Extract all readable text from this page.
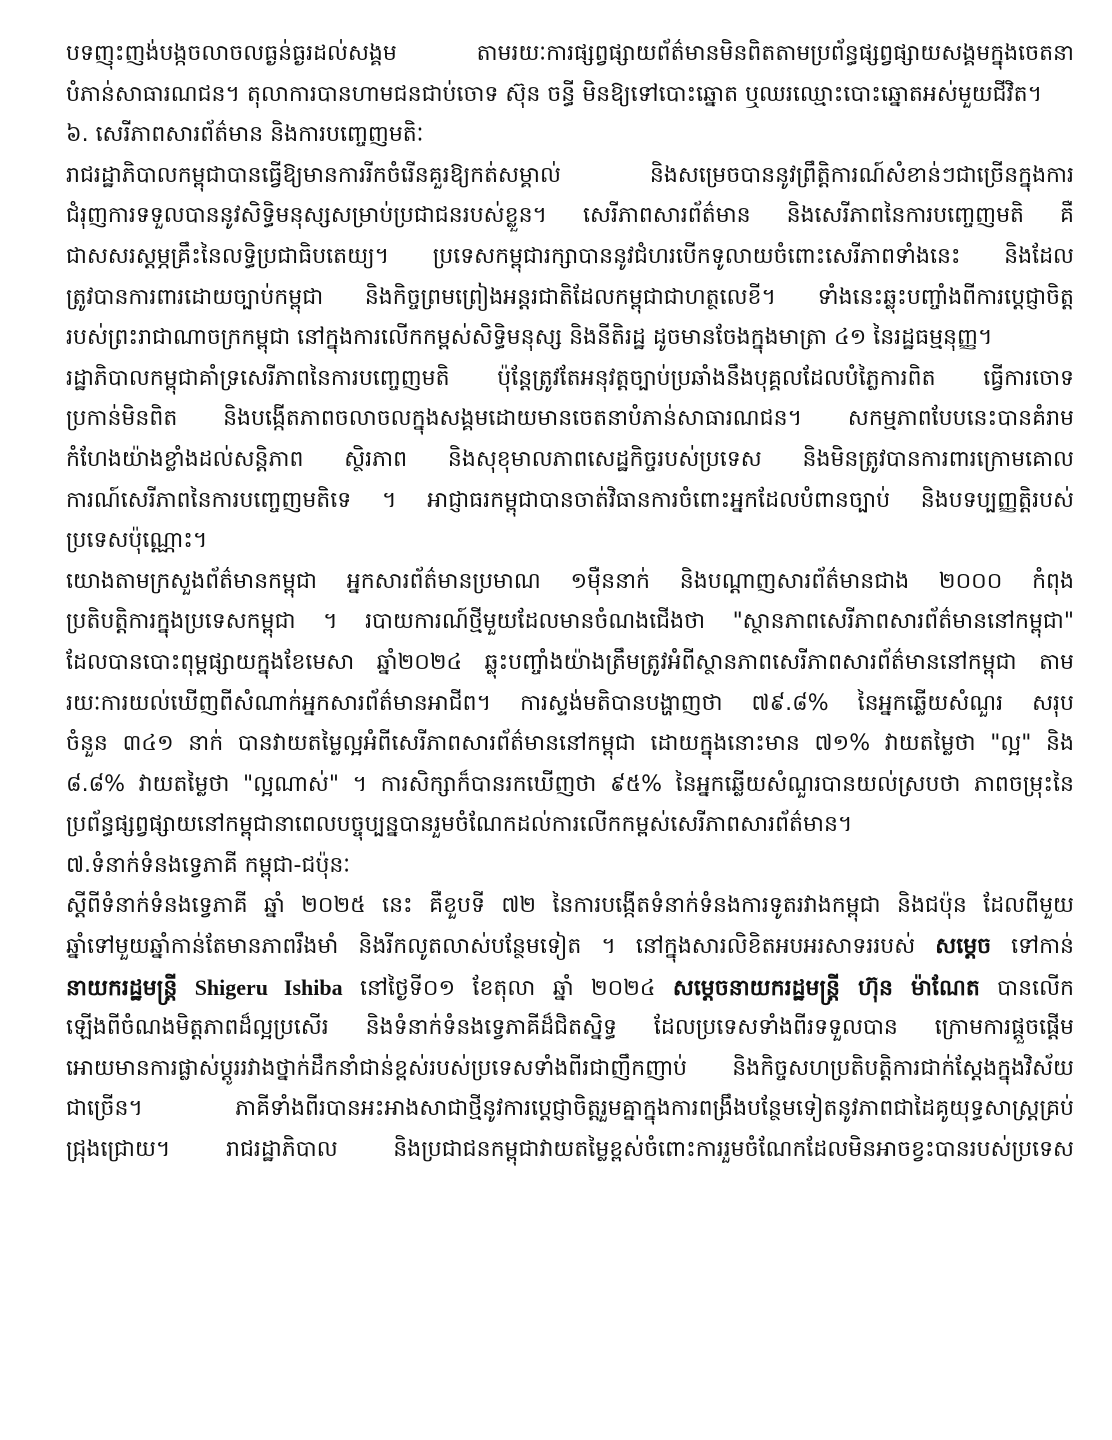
បទញុះញង់បង្កចលាចលធ្ងន់ធ្ងរដល់សង្គម តាមរយៈការផ្សព្វផ្សាយព័ត៌មានមិនពិតតាមប្រព័ន្ធផ្សព្វផ្សាយសង្គមក្នុងចេតនា
បំភាន់សាធារណជន។ តុលាការបានហាមជនជាប់ចោទ ស៊ុន ចន្ធី មិនឱ្យទៅបោះឆ្នោត ឬឈរឈ្មោះបោះឆ្នោតអស់មួយជីវិត។
៦. សេរីភាពសារព័ត៌មាន និងការបញ្ចេញមតិៈ
រាជរដ្ឋាភិបាលកម្ពុជាបានធ្វើឱ្យមានការរីកចំរើនគួរឱ្យកត់សម្គាល់ និងសម្រេចបាននូវព្រឹត្តិការណ៍សំខាន់ៗជាច្រើនក្នុងការ
ជំរុញការទទួលបាននូវសិទ្ធិមនុស្សសម្រាប់ប្រជាជនរបស់ខ្លួន។ សេរីភាពសារព័ត៌មាន និងសេរីភាពនៃការបញ្ចេញមតិ គឺ
ជាសសរស្តម្ភគ្រឹះនៃលទ្ធិប្រជាធិបតេយ្យ។ ប្រទេសកម្ពុជារក្សាបាននូវជំហរបើកទូលាយចំពោះសេរីភាពទាំងនេះ និងដែល
ត្រូវបានការពារដោយច្បាប់កម្ពុជា និងកិច្ចព្រមព្រៀងអន្តរជាតិដែលកម្ពុជាជាហត្ថលេខី។ ទាំងនេះឆ្លុះបញ្ចាំងពីការប្តេជ្ញាចិត្ត
របស់ព្រះរាជាណាចក្រកម្ពុជា នៅក្នុងការលើកកម្ពស់សិទ្ធិមនុស្ស និងនីតិរដ្ឋ ដូចមានចែងក្នុងមាត្រា ៤១ នៃរដ្ឋធម្មនុញ្ញ។
រដ្ឋាភិបាលកម្ពុជាគាំទ្រសេរីភាពនៃការបញ្ចេញមតិ ប៉ុន្តែត្រូវតែអនុវត្តច្បាប់ប្រឆាំងនឹងបុគ្គលដែលបំភ្លៃការពិត ធ្វើការចោទ
ប្រកាន់មិនពិត និងបង្កើតភាពចលាចលក្នុងសង្គមដោយមានចេតនាបំភាន់សាធារណជន។ សកម្មភាពបែបនេះបានគំរាម
កំហែងយ៉ាងខ្លាំងដល់សន្តិភាព ស្ថិរភាព និងសុខុមាលភាពសេដ្ឋកិច្ចរបស់ប្រទេស និងមិនត្រូវបានការពារក្រោមគោល
ការណ៍សេរីភាពនៃការបញ្ចេញមតិទេ ។ អាជ្ញាធរកម្ពុជាបានចាត់វិធានការចំពោះអ្នកដែលបំពានច្បាប់ និងបទប្បញ្ញត្តិរបស់
ប្រទេសប៉ុណ្ណោះ។
យោងតាមក្រសួងព័ត៌មានកម្ពុជា អ្នកសារព័ត៌មានប្រមាណ ១ម៉ឺននាក់ និងបណ្តាញសារព័ត៌មានជាង ២០០០ កំពុង
ប្រតិបត្តិការក្នុងប្រទេសកម្ពុជា ។ របាយការណ៍ថ្មីមួយដែលមានចំណងជើងថា "ស្ថានភាពសេរីភាពសារព័ត៌មាននៅកម្ពុជា"
ដែលបានបោះពុម្ពផ្សាយក្នុងខែមេសា ឆ្នាំ២០២៤ ឆ្លុះបញ្ចាំងយ៉ាងត្រឹមត្រូវអំពីស្ថានភាពសេរីភាពសារព័ត៌មាននៅកម្ពុជា តាម
រយៈការយល់ឃើញពីសំណាក់អ្នកសារព័ត៌មានអាជីព។ ការស្ទង់មតិបានបង្ហាញថា ៧៩.៨% នៃអ្នកឆ្លើយសំណួរ សរុប
ចំនួន ៣៤១ នាក់ បានវាយតម្លៃល្អអំពីសេរីភាពសារព័ត៌មាននៅកម្ពុជា ដោយក្នុងនោះមាន ៧១% វាយតម្លៃថា "ល្អ" និង
៨.៨% វាយតម្លៃថា "ល្អណាស់" ។ ការសិក្សាក៏បានរកឃើញថា ៩៥% នៃអ្នកឆ្លើយសំណួរបានយល់ស្របថា ភាពចម្រុះនៃ
ប្រព័ន្ធផ្សព្វផ្សាយនៅកម្ពុជានាពេលបច្ចុប្បន្នបានរួមចំណែកដល់ការលើកកម្ពស់សេរីភាពសារព័ត៌មាន។
៧.ទំនាក់ទំនងទ្វេភាគី កម្ពុជា-ជប៉ុនៈ
ស្តីពីទំនាក់ទំនងទ្វេភាគី ឆ្នាំ ២០២៥ នេះ គឺខួបទី ៧២ នៃការបង្កើតទំនាក់ទំនងការទូតរវាងកម្ពុជា និងជប៉ុន ដែលពីមួយ
ឆ្នាំទៅមួយឆ្នាំកាន់តែមានភាពរឹងមាំ និងរីកលូតលាស់បន្ថែមទៀត ។ នៅក្នុងសារលិខិតអបអរសាទររបស់ សម្តេច ទៅកាន់
នាយករដ្ឋមន្ត្រី Shigeru Ishiba នៅថ្ងៃទី០១ ខែតុលា ឆ្នាំ ២០២៤ សម្តេចនាយករដ្ឋមន្ត្រី ហ៊ុន ម៉ាណែត បានលើក
ឡើងពីចំណងមិត្តភាពដ៏ល្អប្រសើរ និងទំនាក់ទំនងទ្វេភាគីដ៏ជិតស្និទ្ធ ដែលប្រទេសទាំងពីរទទួលបាន ក្រោមការផ្តួចផ្តើម
អោយមានការផ្លាស់ប្តូររវាងថ្នាក់ដឹកនាំជាន់ខ្ពស់របស់ប្រទេសទាំងពីរជាញឹកញាប់ និងកិច្ចសហប្រតិបត្តិការជាក់ស្តែងក្នុងវិស័យ
ជាច្រើន។ ភាគីទាំងពីរបានអះអាងសាជាថ្មីនូវការប្តេជ្ញាចិត្តរួមគ្នាក្នុងការពង្រឹងបន្ថែមទៀតនូវភាពជាដៃគូយុទ្ធសាស្ត្រគ្រប់
ជ្រុងជ្រោយ។ រាជរដ្ឋាភិបាល និងប្រជាជនកម្ពុជាវាយតម្លៃខ្ពស់ចំពោះការរួមចំណែកដែលមិនអាចខ្វះបានរបស់ប្រទេស
